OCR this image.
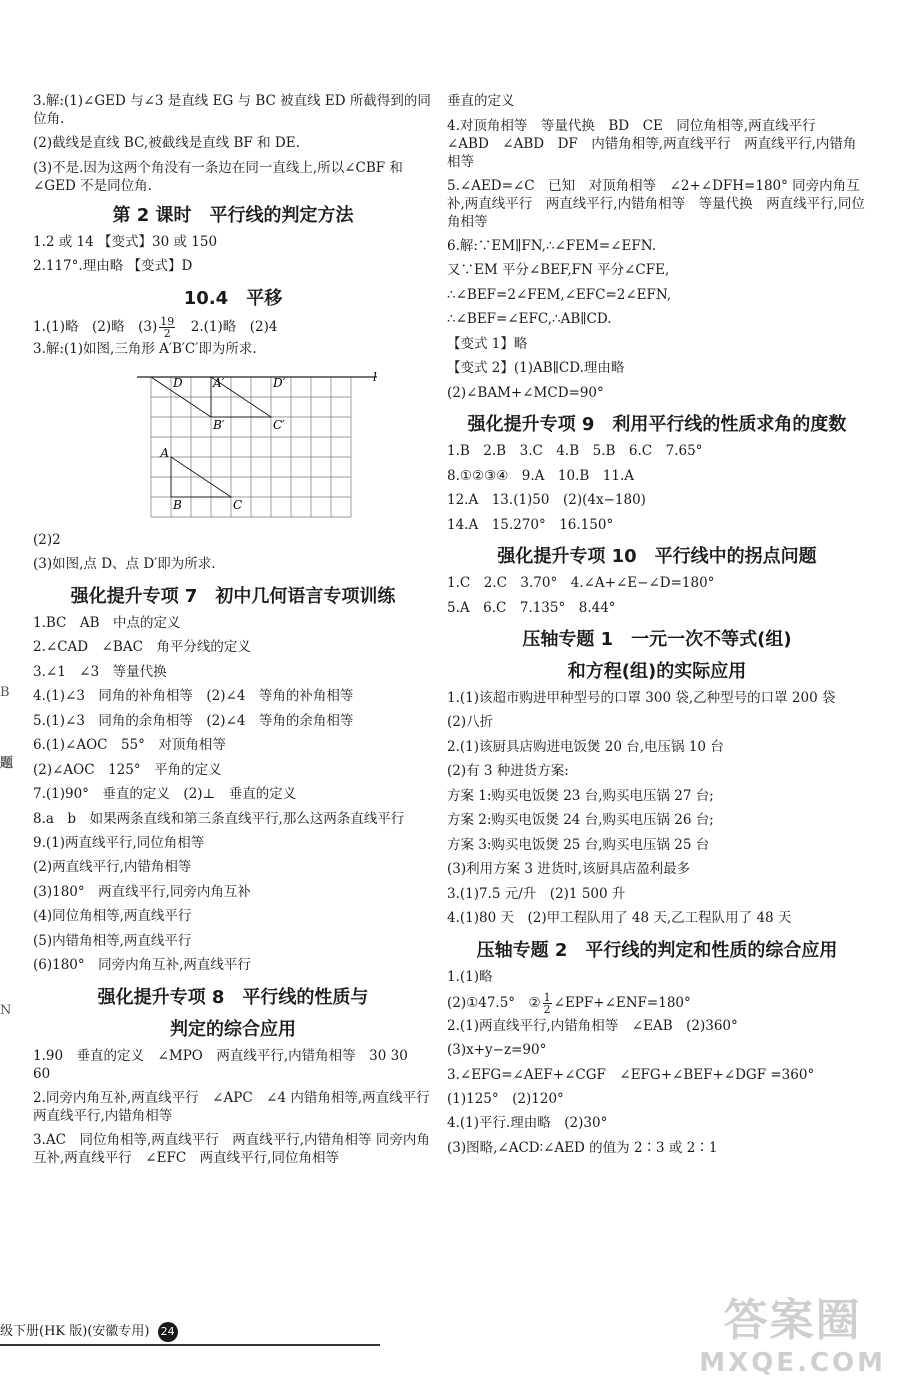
3.解:(1)∠GED 与∠3 是直线 EG 与 BC 被直线 ED 所截得到的同位角.
(2)截线是直线 BC,被截线是直线 BF 和 DE.
(3)不是.因为这两个角没有一条边在同一直线上,所以∠CBF 和∠GED 不是同位角.
第 2 课时　平行线的判定方法
1.2 或 14 【变式】30 或 150
2.117°.理由略 【变式】D
10.4　平移
1.(1)略　(2)略　$(3) \frac{19}{2}$ 　2.(1)略　(2)4
3.解:(1)如图,三角形 A′B′C′即为所求.
D	A′	D′	l
B′	C′
A
B	C
(2)2
(3)如图,点 D、点 D′即为所求.
强化提升专项 7　初中几何语言专项训练
1.BC　AB　中点的定义
2.∠CAD　∠BAC　角平分线的定义
3.∠1　∠3　等量代换
4.(1)∠3　同角的补角相等　(2)∠4　等角的补角相等
5.(1)∠3　同角的余角相等　(2)∠4　等角的余角相等
6.(1)∠AOC　55°　对顶角相等
(2)∠AOC　125°　平角的定义
7.(1)90°　垂直的定义　(2)⊥　垂直的定义
8.a　b　如果两条直线和第三条直线平行,那么这两条直线平行
9.(1)两直线平行,同位角相等
(2)两直线平行,内错角相等
(3)180°　两直线平行,同旁内角互补
(4)同位角相等,两直线平行
(5)内错角相等,两直线平行
(6)180°　同旁内角互补,两直线平行
强化提升专项 8　平行线的性质与
判定的综合应用
1.90　垂直的定义　∠MPO　两直线平行,内错角相等　30 30　60
2.同旁内角互补,两直线平行　∠APC　∠4 内错角相等,两直线平行　两直线平行,内错角相等
3.AC　同位角相等,两直线平行　两直线平行,内错角相等 同旁内角互补,两直线平行　∠EFC　两直线平行,同位角相等
垂直的定义
4.对顶角相等　等量代换　BD　CE　同位角相等,两直线平行　∠ABD　∠ABD　DF　内错角相等,两直线平行　两直线平行,内错角相等
5.∠AED=∠C　已知　对顶角相等　∠2+∠DFH=180° 同旁内角互补,两直线平行　两直线平行,内错角相等　等量代换　两直线平行,同位角相等
6.解:∵EM∥FN,∴∠FEM=∠EFN.
又∵EM 平分∠BEF,FN 平分∠CFE,
∴∠BEF=2∠FEM,∠EFC=2∠EFN,
∴∠BEF=∠EFC,∴AB∥CD.
【变式 1】略
【变式 2】(1)AB∥CD.理由略
(2)∠BAM+∠MCD=90°
强化提升专项 9　利用平行线的性质求角的度数
1.B　2.B　3.C　4.B　5.B　6.C　7.65°
8.①②③④　9.A　10.B　11.A
12.A　13.(1)50　(2)(4x−180)
14.A　15.270°　16.150°
强化提升专项 10　平行线中的拐点问题
1.C　2.C　3.70°　4.∠A+∠E−∠D=180°
5.A　6.C　7.135°　8.44°
压轴专题 1　一元一次不等式(组)
和方程(组)的实际应用
1.(1)该超市购进甲种型号的口罩 300 袋,乙种型号的口罩 200 袋
(2)八折
2.(1)该厨具店购进电饭煲 20 台,电压锅 10 台
(2)有 3 种进货方案:
方案 1:购买电饭煲 23 台,购买电压锅 27 台;
方案 2:购买电饭煲 24 台,购买电压锅 26 台;
方案 3:购买电饭煲 25 台,购买电压锅 25 台
(3)利用方案 3 进货时,该厨具店盈利最多
3.(1)7.5 元/升　(2)1 500 升
4.(1)80 天　(2)甲工程队用了 48 天,乙工程队用了 48 天
压轴专题 2　平行线的判定和性质的综合应用
1.(1)略
(2)①47.5°　② $\frac{1}{2}$ ∠EPF+∠ENF=180°
2.(1)两直线平行,内错角相等　∠EAB　(2)360°
(3)x+y−z=90°
3.∠EFG=∠AEF+∠CGF　∠EFG+∠BEF+∠DGF =360°
(1)125°　(2)120°
4.(1)平行.理由略　(2)30°
(3)图略,∠ACD∶∠AED 的值为 2∶3 或 2∶1
B
题
N
级下册(HK 版)(安徽专用) 24	答案圈
MXQE.COM
